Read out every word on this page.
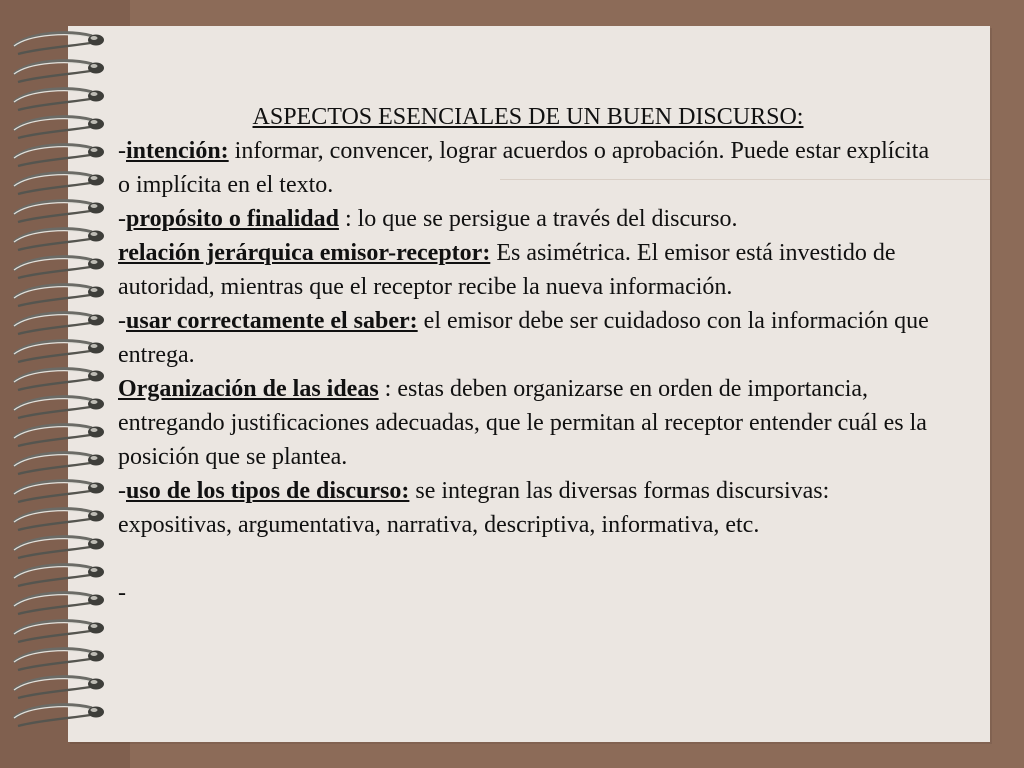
ASPECTOS ESENCIALES DE UN BUEN DISCURSO:

-intención: informar, convencer, lograr acuerdos o aprobación. Puede estar explícita o implícita en el texto.

-propósito o finalidad : lo que se persigue a través del discurso.

relación jerárquica emisor-receptor: Es asimétrica. El emisor está investido de autoridad, mientras que el receptor recibe la nueva información.

-usar correctamente el saber: el emisor debe ser cuidadoso con la información que entrega.

Organización de las ideas : estas deben organizarse en orden de importancia, entregando justificaciones adecuadas, que le permitan al receptor entender cuál es la posición que se plantea.

-uso de los tipos de discurso: se integran las diversas formas discursivas: expositivas, argumentativa, narrativa, descriptiva, informativa, etc.

-
